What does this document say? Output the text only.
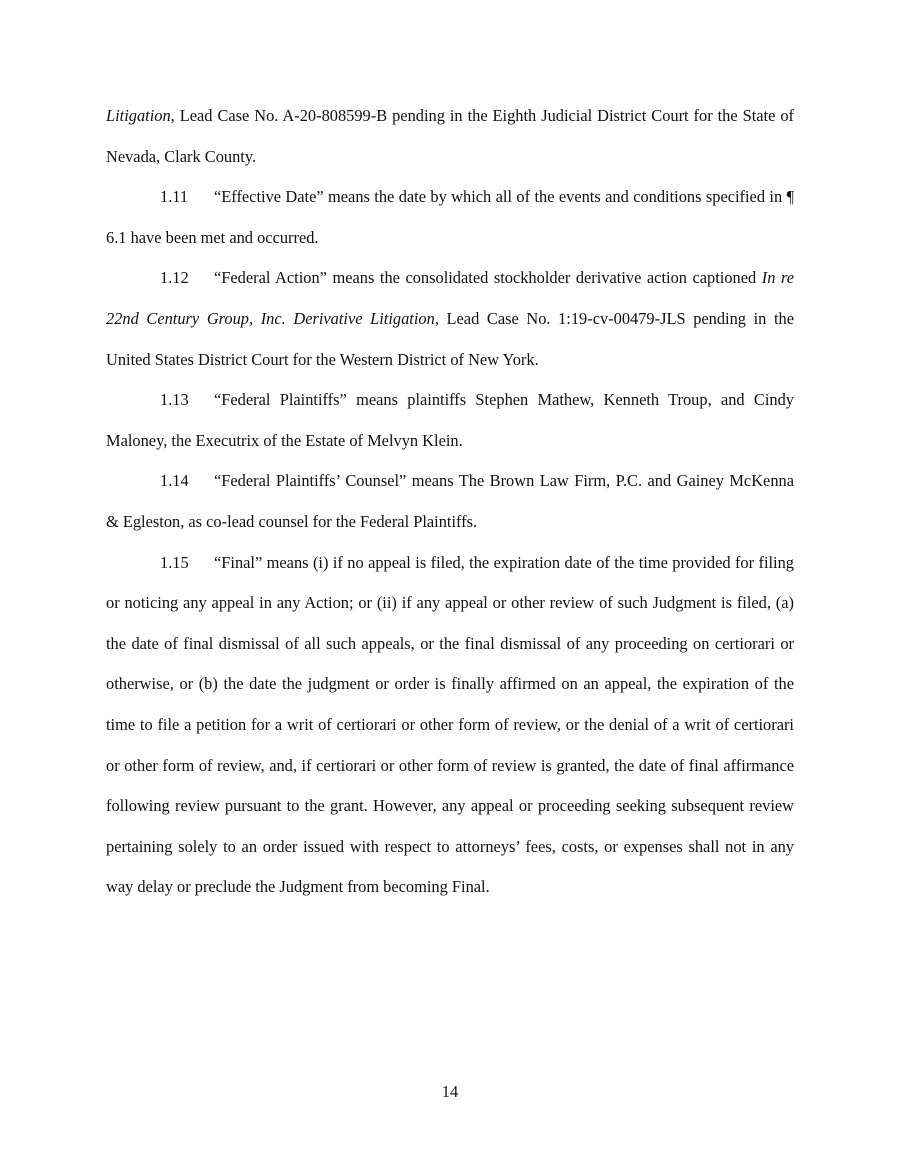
Litigation, Lead Case No. A-20-808599-B pending in the Eighth Judicial District Court for the State of Nevada, Clark County.

1.11 “Effective Date” means the date by which all of the events and conditions specified in ¶ 6.1 have been met and occurred.

1.12 “Federal Action” means the consolidated stockholder derivative action captioned In re 22nd Century Group, Inc. Derivative Litigation, Lead Case No. 1:19-cv-00479-JLS pending in the United States District Court for the Western District of New York.

1.13 “Federal Plaintiffs” means plaintiffs Stephen Mathew, Kenneth Troup, and Cindy Maloney, the Executrix of the Estate of Melvyn Klein.

1.14 “Federal Plaintiffs’ Counsel” means The Brown Law Firm, P.C. and Gainey McKenna & Egleston, as co-lead counsel for the Federal Plaintiffs.

1.15 “Final” means (i) if no appeal is filed, the expiration date of the time provided for filing or noticing any appeal in any Action; or (ii) if any appeal or other review of such Judgment is filed, (a) the date of final dismissal of all such appeals, or the final dismissal of any proceeding on certiorari or otherwise, or (b) the date the judgment or order is finally affirmed on an appeal, the expiration of the time to file a petition for a writ of certiorari or other form of review, or the denial of a writ of certiorari or other form of review, and, if certiorari or other form of review is granted, the date of final affirmance following review pursuant to the grant. However, any appeal or proceeding seeking subsequent review pertaining solely to an order issued with respect to attorneys’ fees, costs, or expenses shall not in any way delay or preclude the Judgment from becoming Final.

14
